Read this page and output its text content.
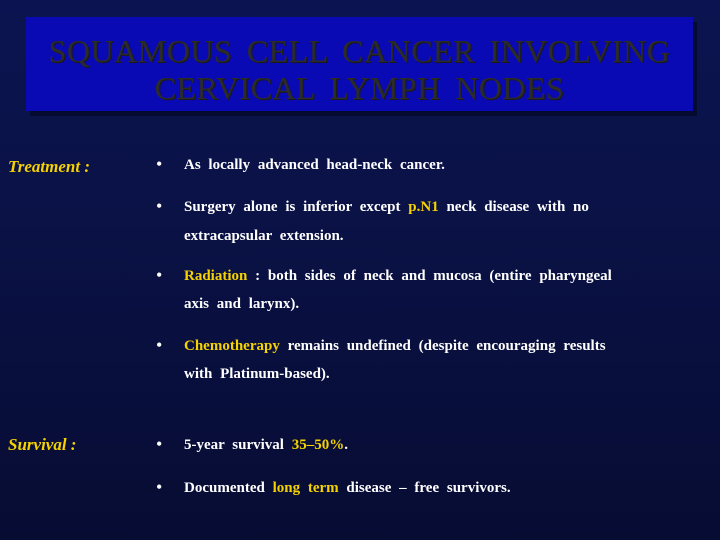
SQUAMOUS CELL CANCER INVOLVING
CERVICAL LYMPH NODES
Treatment :
Survival :
• As locally advanced head-neck cancer.
• Surgery alone is inferior except p.N1 neck disease with no
extracapsular extension.
• Radiation : both sides of neck and mucosa (entire pharyngeal
axis and larynx).
• Chemotherapy remains undefined (despite encouraging results
with Platinum-based).
• 5-year survival 35–50%.
• Documented long term disease – free survivors.
